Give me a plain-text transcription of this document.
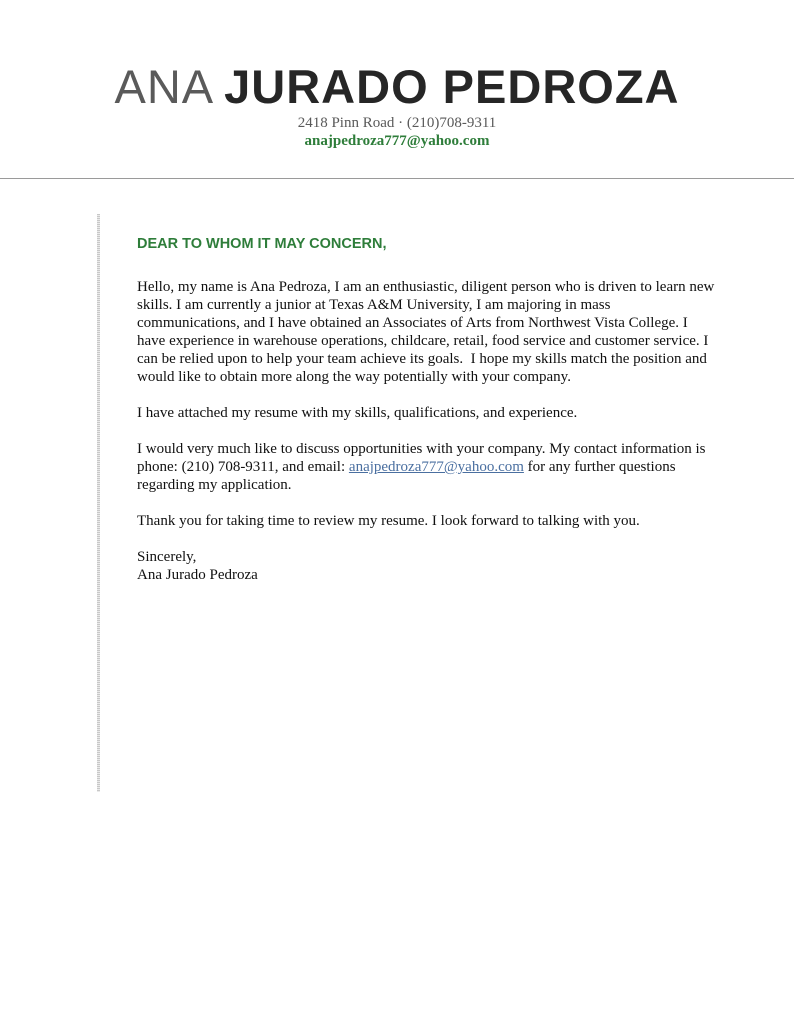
ANA JURADO PEDROZA
2418 Pinn Road · (210)708-9311
anajpedroza777@yahoo.com
DEAR TO WHOM IT MAY CONCERN,

Hello, my name is Ana Pedroza, I am an enthusiastic, diligent person who is driven to learn new skills. I am currently a junior at Texas A&M University, I am majoring in mass communications, and I have obtained an Associates of Arts from Northwest Vista College. I have experience in warehouse operations, childcare, retail, food service and customer service. I can be relied upon to help your team achieve its goals.  I hope my skills match the position and would like to obtain more along the way potentially with your company.

I have attached my resume with my skills, qualifications, and experience.

I would very much like to discuss opportunities with your company. My contact information is phone: (210) 708-9311, and email: anajpedroza777@yahoo.com for any further questions regarding my application.

Thank you for taking time to review my resume. I look forward to talking with you.

Sincerely,
Ana Jurado Pedroza
